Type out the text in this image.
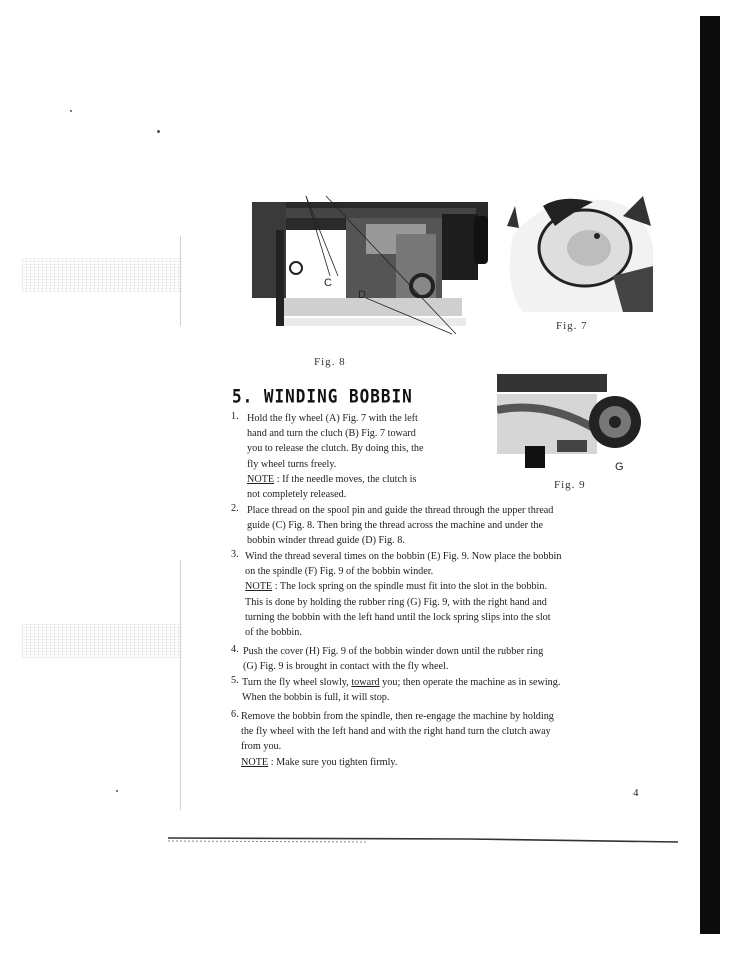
C
D
Fig. 8
Fig. 7
F G
Fig. 9
5. WINDING BOBBIN
1. Hold the fly wheel (A) Fig. 7 with the left
hand and turn the cluch (B) Fig. 7 toward
you to release the clutch. By doing this, the
fly wheel turns freely.
NOTE : If the needle moves, the clutch is
not completely released.
2. Place thread on the spool pin and guide the thread through the upper thread
guide (C) Fig. 8. Then bring the thread across the machine and under the
bobbin winder thread guide (D) Fig. 8.
3. Wind the thread several times on the bobbin (E) Fig. 9. Now place the bobbin
on the spindle (F) Fig. 9 of the bobbin winder.
NOTE : The lock spring on the spindle must fit into the slot in the bobbin.
This is done by holding the rubber ring (G) Fig. 9, with the right hand and
turning the bobbin with the left hand until the lock spring slips into the slot
of the bobbin.
4. Push the cover (H) Fig. 9 of the bobbin winder down until the rubber ring
(G) Fig. 9 is brought in contact with the fly wheel.
5. Turn the fly wheel slowly, toward you; then operate the machine as in sewing.
When the bobbin is full, it will stop.
6. Remove the bobbin from the spindle, then re-engage the machine by holding
the fly wheel with the left hand and with the right hand turn the clutch away
from you.
NOTE : Make sure you tighten firmly.
4
